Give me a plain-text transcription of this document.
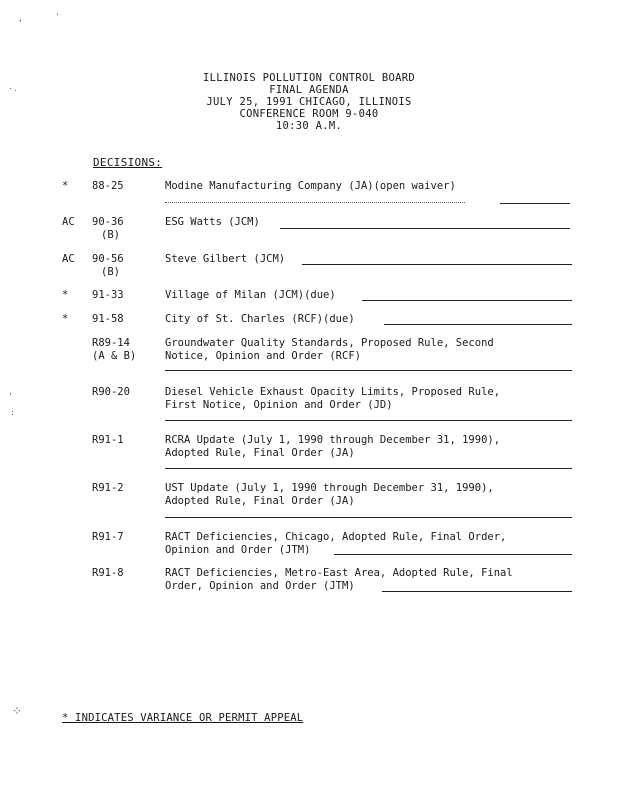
,	'
·.
'
:
⁘
ILLINOIS POLLUTION CONTROL BOARD
FINAL AGENDA
JULY 25, 1991 CHICAGO, ILLINOIS
CONFERENCE ROOM 9-040
10:30 A.M.
DECISIONS:
* 88-25	Modine Manufacturing Company (JA)(open waiver)
AC 90-36	ESG Watts (JCM)
(B)
AC 90-56	Steve Gilbert (JCM)
(B)
* 91-33	Village of Milan (JCM)(due)
* 91-58	City of St. Charles (RCF)(due)
R89-14	Groundwater Quality Standards, Proposed Rule, Second
(A & B)	Notice, Opinion and Order (RCF)
R90-20	Diesel Vehicle Exhaust Opacity Limits, Proposed Rule,
First Notice, Opinion and Order (JD)
R91-1	RCRA Update (July 1, 1990 through December 31, 1990),
Adopted Rule, Final Order (JA)
R91-2	UST Update (July 1, 1990 through December 31, 1990),
Adopted Rule, Final Order (JA)
R91-7	RACT Deficiencies, Chicago, Adopted Rule, Final Order,
Opinion and Order (JTM)
R91-8	RACT Deficiencies, Metro-East Area, Adopted Rule, Final
Order, Opinion and Order (JTM)
* INDICATES VARIANCE OR PERMIT APPEAL
